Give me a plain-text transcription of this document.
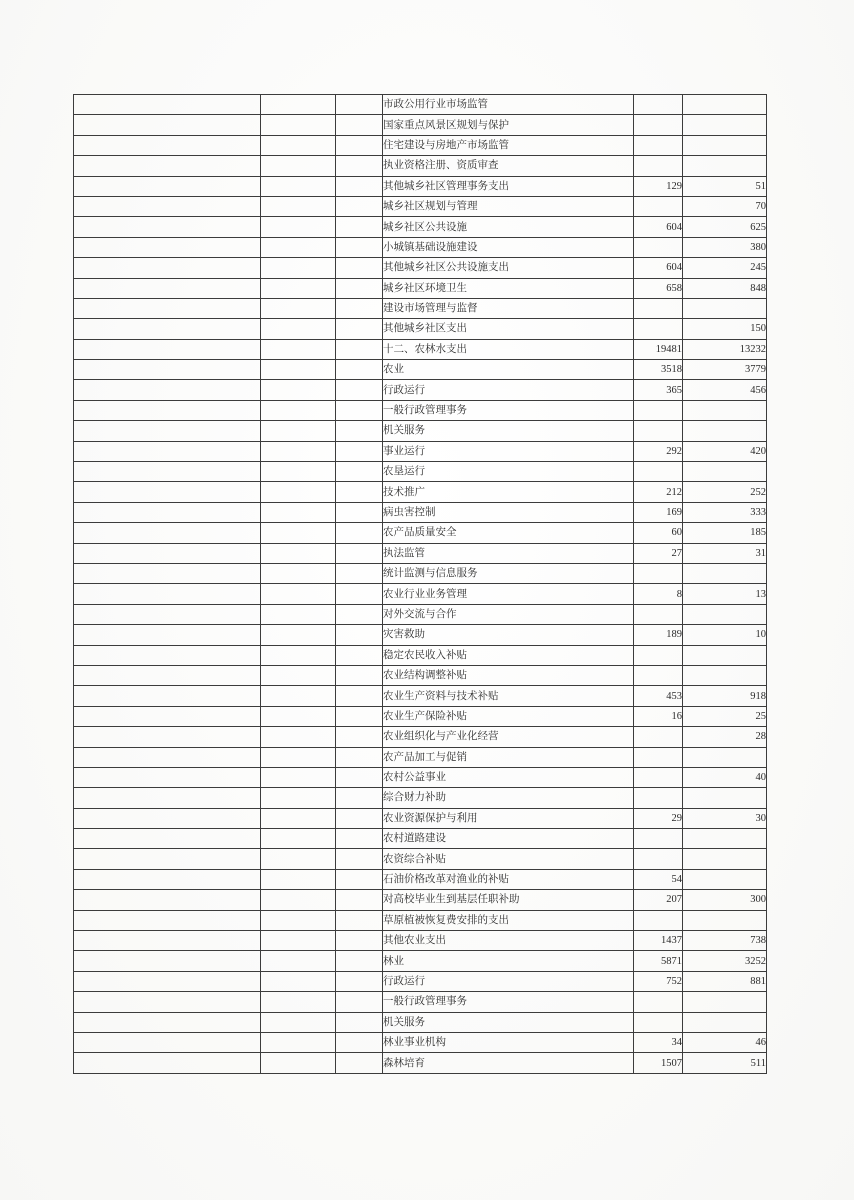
			市政公用行业市场监管		
			国家重点风景区规划与保护		
			住宅建设与房地产市场监管		
			执业资格注册、资质审查		
			其他城乡社区管理事务支出	129	51
			城乡社区规划与管理		70
			城乡社区公共设施	604	625
			小城镇基础设施建设		380
			其他城乡社区公共设施支出	604	245
			城乡社区环境卫生	658	848
			建设市场管理与监督		
			其他城乡社区支出		150
			十二、农林水支出	19481	13232
			农业	3518	3779
			行政运行	365	456
			一般行政管理事务		
			机关服务		
			事业运行	292	420
			农垦运行		
			技术推广	212	252
			病虫害控制	169	333
			农产品质量安全	60	185
			执法监管	27	31
			统计监测与信息服务		
			农业行业业务管理	8	13
			对外交流与合作		
			灾害救助	189	10
			稳定农民收入补贴		
			农业结构调整补贴		
			农业生产资料与技术补贴	453	918
			农业生产保险补贴	16	25
			农业组织化与产业化经营		28
			农产品加工与促销		
			农村公益事业		40
			综合财力补助		
			农业资源保护与利用	29	30
			农村道路建设		
			农资综合补贴		
			石油价格改革对渔业的补贴	54	
			对高校毕业生到基层任职补助	207	300
			草原植被恢复费安排的支出		
			其他农业支出	1437	738
			林业	5871	3252
			行政运行	752	881
			一般行政管理事务		
			机关服务		
			林业事业机构	34	46
			森林培育	1507	511
